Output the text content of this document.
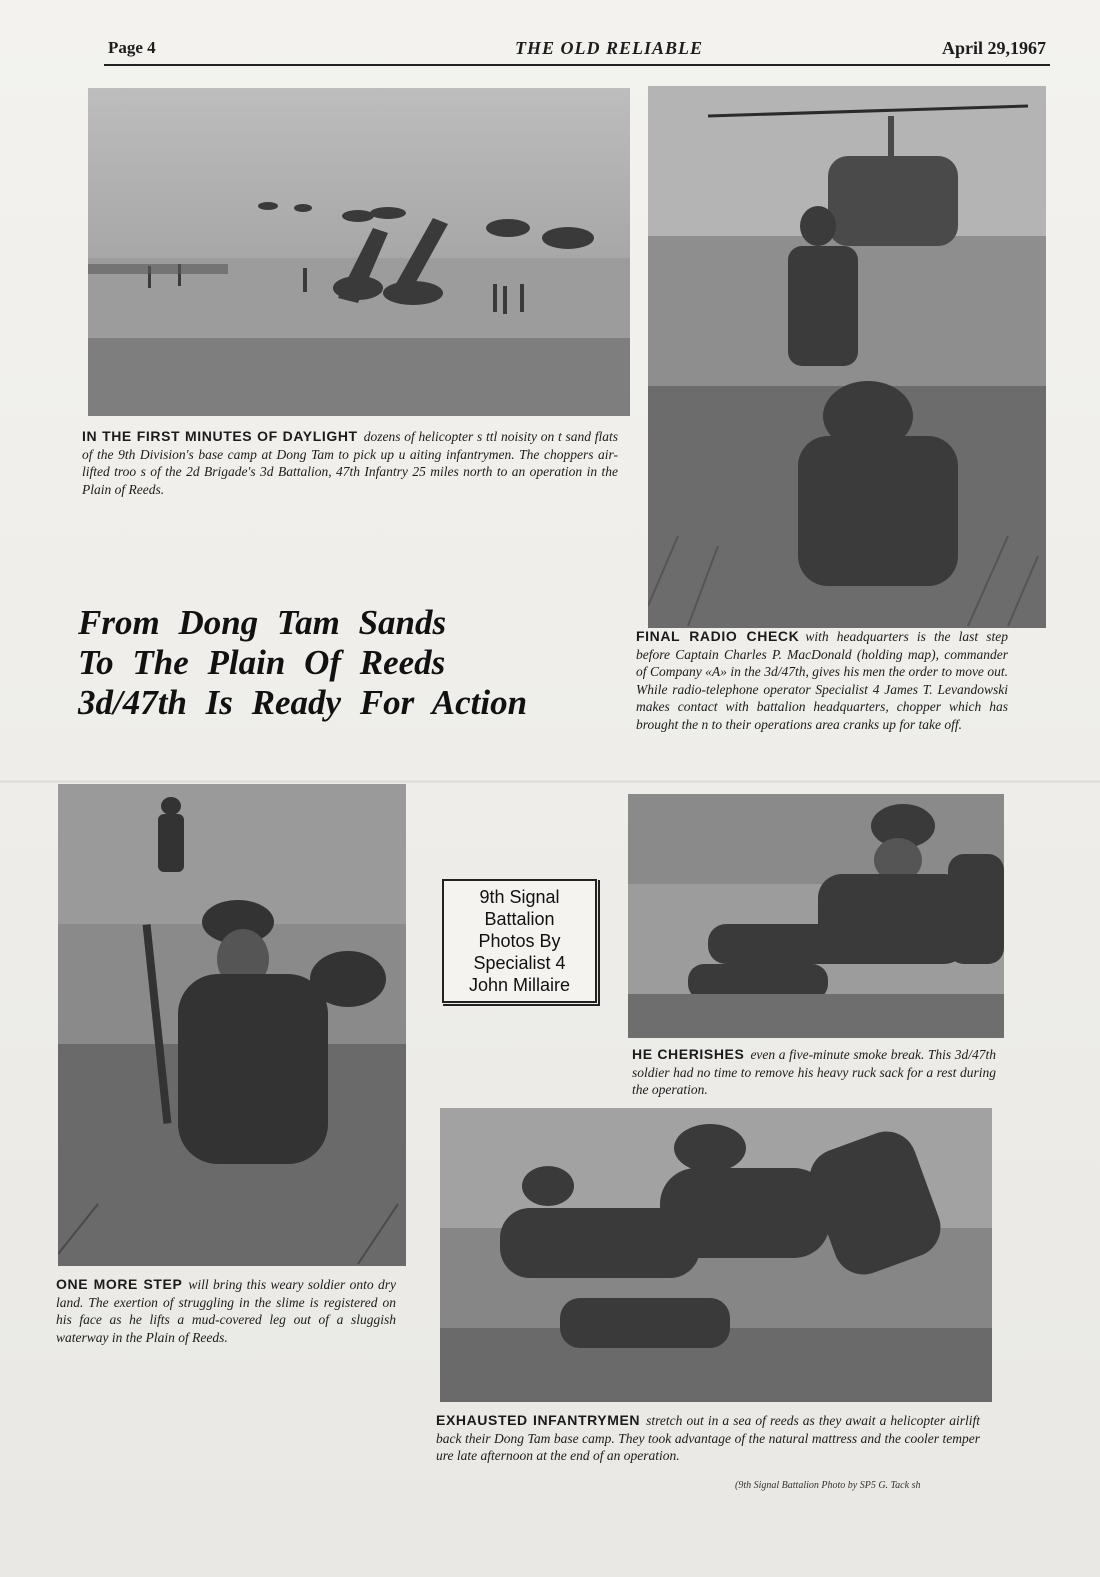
Page 4	THE OLD RELIABLE	April 29,1967
IN THE FIRST MINUTES OF DAYLIGHT dozens of helicopter s ttl noisity on t sand flats of the 9th Division's base camp at Dong Tam to pick up u aiting infantrymen. The choppers air-lifted troo s of the 2d Brigade's 3d Battalion, 47th Infantry 25 miles north to an operation in the Plain of Reeds.
From Dong Tam Sands
To The Plain Of Reeds
3d/47th Is Ready For Action
FINAL RADIO CHECK with headquarters is the last step before Captain Charles P. MacDonald (holding map), commander of Company «A» in the 3d/47th, gives his men the order to move out. While radio-telephone operator Specialist 4 James T. Levandowski makes contact with battalion headquarters, chopper which has brought the n to their operations area cranks up for take off.
9th Signal
Battalion
Photos By
Specialist 4
John Millaire
HE CHERISHES even a five-minute smoke break. This 3d/47th soldier had no time to remove his heavy ruck sack for a rest during the operation.
ONE MORE STEP will bring this weary soldier onto dry land. The exertion of struggling in the slime is registered on his face as he lifts a mud-covered leg out of a sluggish waterway in the Plain of Reeds.
EXHAUSTED INFANTRYMEN stretch out in a sea of reeds as they await a helicopter airlift back their Dong Tam base camp. They took advantage of the natural mattress and the cooler temper ure late afternoon at the end of an operation.
(9th Signal Battalion Photo by SP5 G. Tack sh
